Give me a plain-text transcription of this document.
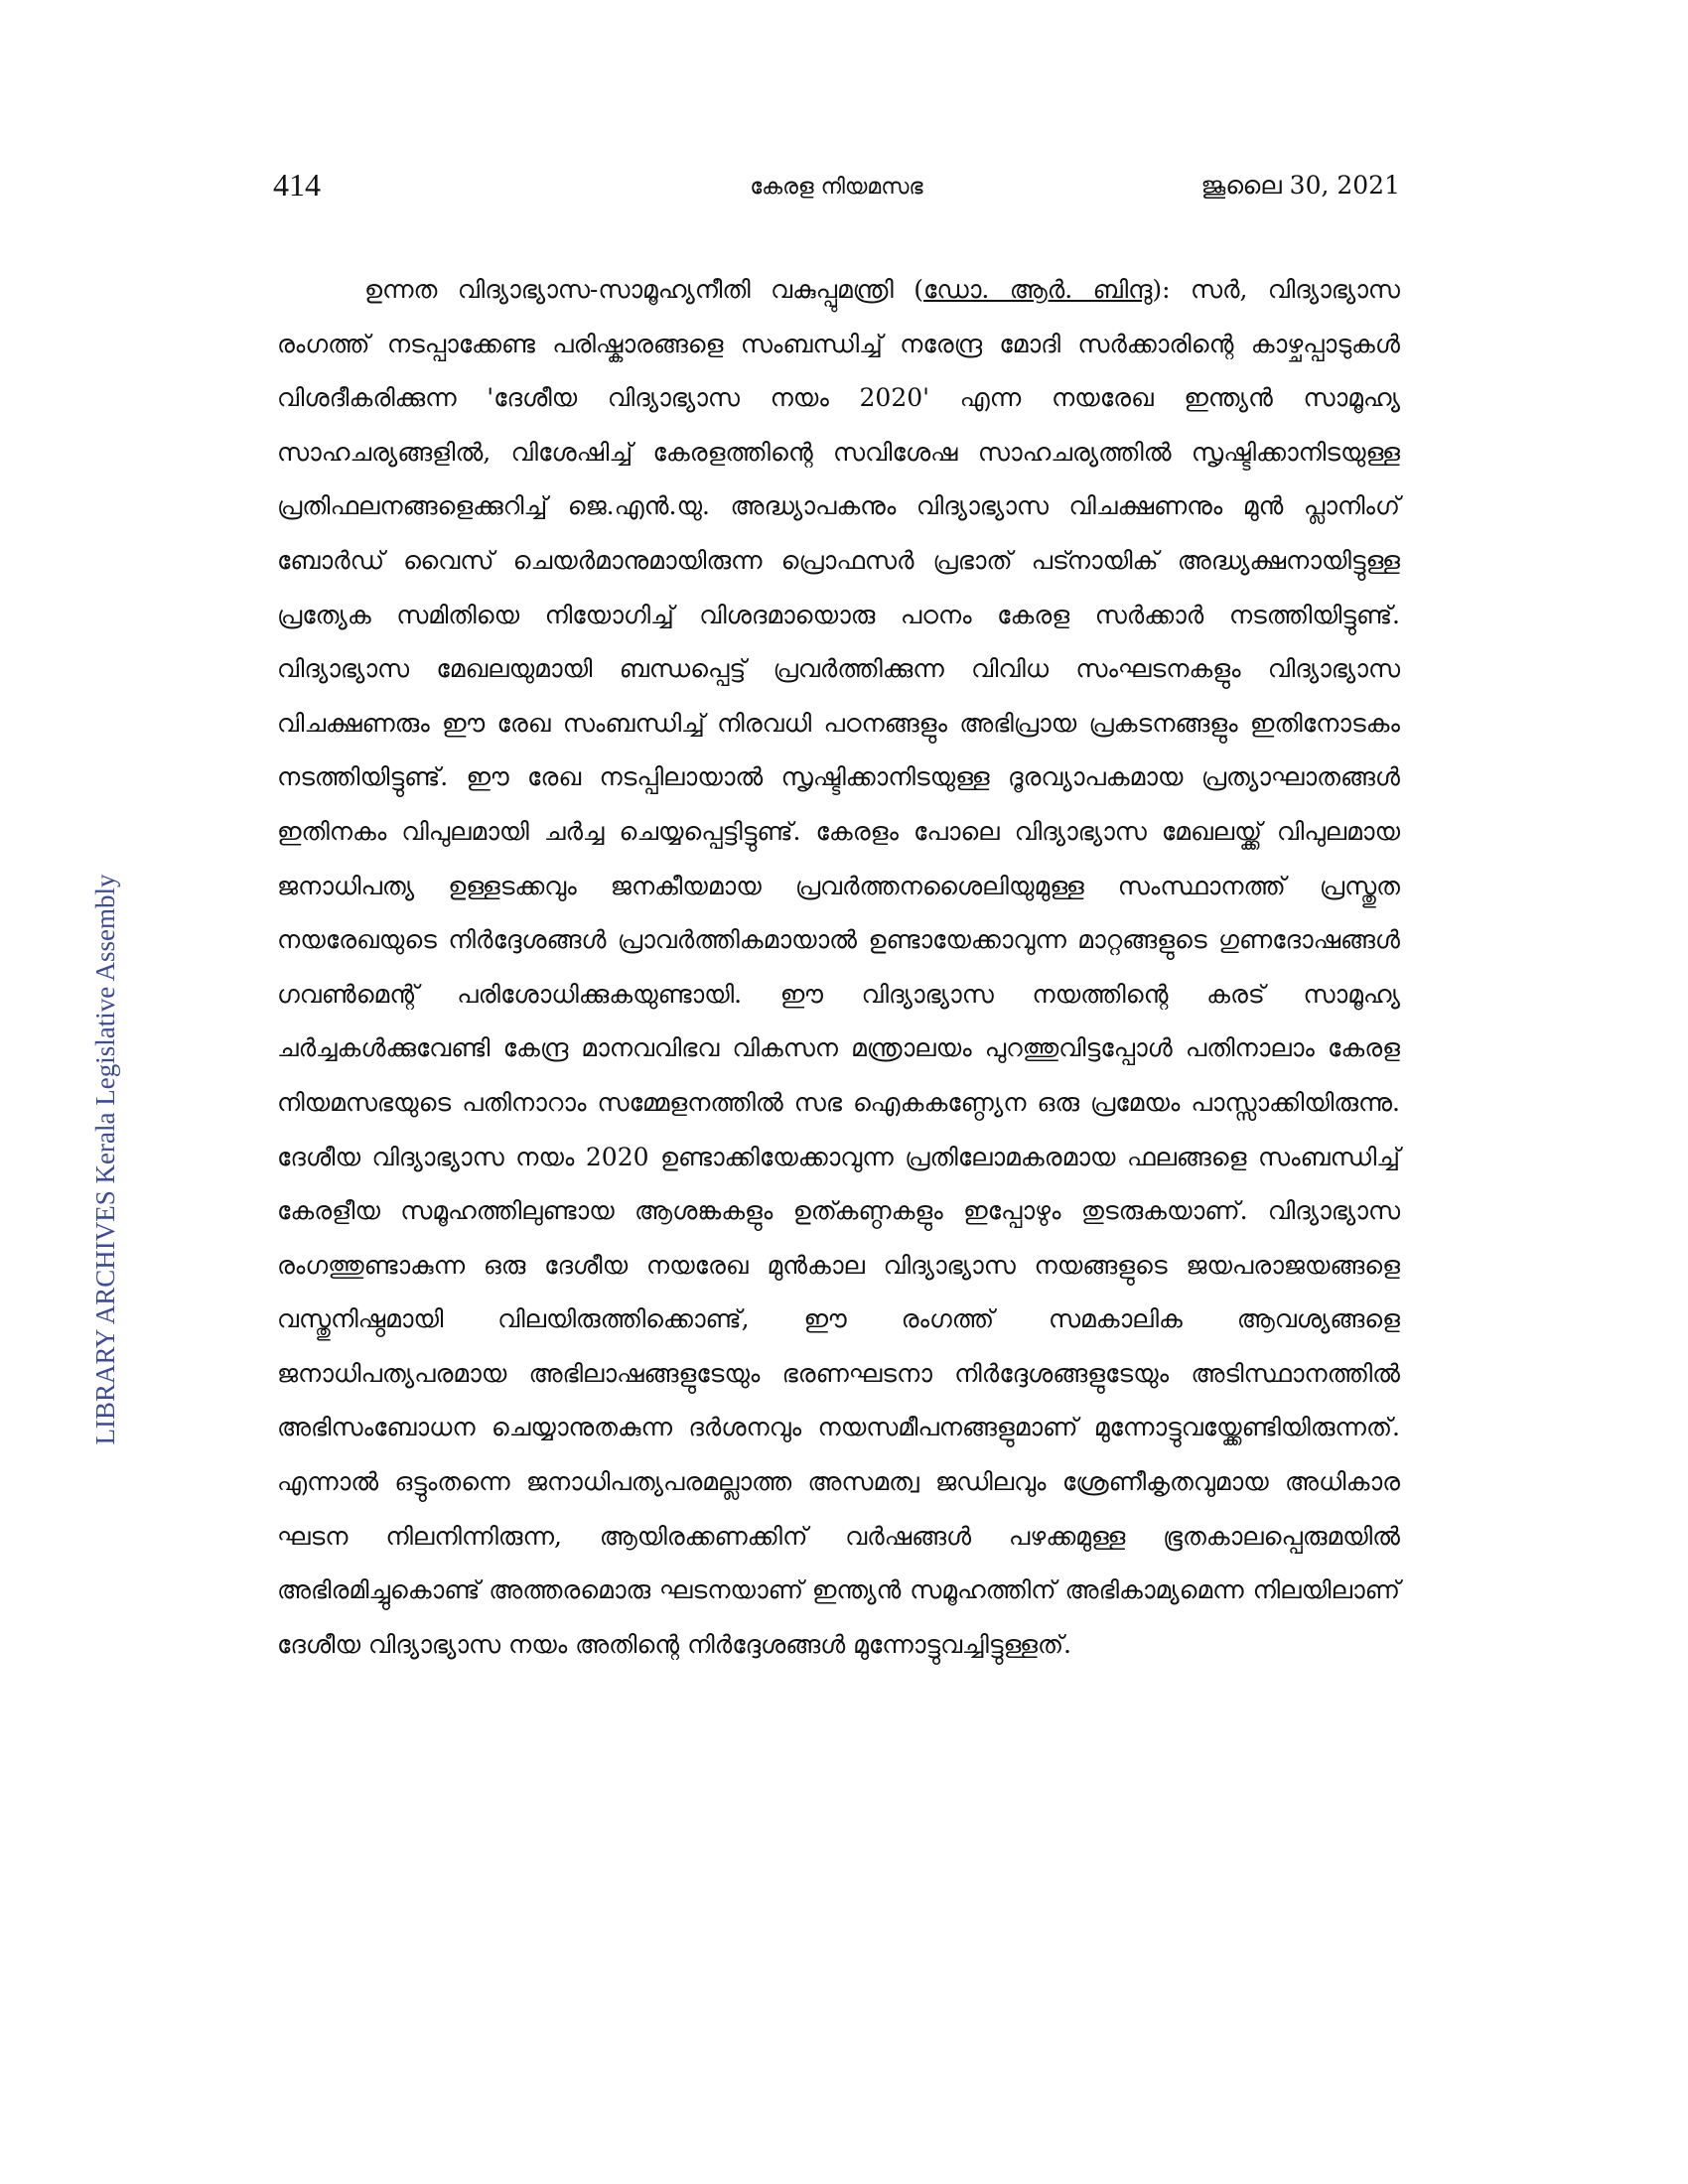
414	കേരള നിയമസഭ	ജൂലൈ 30, 2021

ഉന്നത വിദ്യാഭ്യാസ-സാമൂഹ്യനീതി വകുപ്പുമന്ത്രി (ഡോ. ആർ. ബിന്ദു): സർ, വിദ്യാഭ്യാസ രംഗത്ത് നടപ്പാക്കേണ്ട പരിഷ്കാരങ്ങളെ സംബന്ധിച്ച് നരേന്ദ്ര മോദി സർക്കാരിന്റെ കാഴ്ചപ്പാടുകൾ വിശദീകരിക്കുന്ന 'ദേശീയ വിദ്യാഭ്യാസ നയം 2020' എന്ന നയരേഖ ഇന്ത്യൻ സാമൂഹ്യ സാഹചര്യങ്ങളിൽ, വിശേഷിച്ച് കേരളത്തിന്റെ സവിശേഷ സാഹചര്യത്തിൽ സൃഷ്ടിക്കാനിടയുള്ള പ്രതിഫലനങ്ങളെക്കുറിച്ച് ജെ.എൻ.യു. അദ്ധ്യാപകനും വിദ്യാഭ്യാസ വിചക്ഷണനും മുൻ പ്ലാനിംഗ് ബോർഡ് വൈസ് ചെയർമാനുമായിരുന്ന പ്രൊഫസർ പ്രഭാത് പട്നായിക് അദ്ധ്യക്ഷനായിട്ടുള്ള പ്രത്യേക സമിതിയെ നിയോഗിച്ച് വിശദമായൊരു പഠനം കേരള സർക്കാർ നടത്തിയിട്ടുണ്ട്. വിദ്യാഭ്യാസ മേഖലയുമായി ബന്ധപ്പെട്ട് പ്രവർത്തിക്കുന്ന വിവിധ സംഘടനകളും വിദ്യാഭ്യാസ വിചക്ഷണരും ഈ രേഖ സംബന്ധിച്ച് നിരവധി പഠനങ്ങളും അഭിപ്രായ പ്രകടനങ്ങളും ഇതിനോടകം നടത്തിയിട്ടുണ്ട്. ഈ രേഖ നടപ്പിലായാൽ സൃഷ്ടിക്കാനിടയുള്ള ദൂരവ്യാപകമായ പ്രത്യാഘാതങ്ങൾ ഇതിനകം വിപുലമായി ചർച്ച ചെയ്യപ്പെട്ടിട്ടുണ്ട്. കേരളം പോലെ വിദ്യാഭ്യാസ മേഖലയ്ക്ക് വിപുലമായ ജനാധിപത്യ ഉള്ളടക്കവും ജനകീയമായ പ്രവർത്തനശൈലിയുമുള്ള സംസ്ഥാനത്ത് പ്രസ്തുത നയരേഖയുടെ നിർദ്ദേശങ്ങൾ പ്രാവർത്തികമായാൽ ഉണ്ടായേക്കാവുന്ന മാറ്റങ്ങളുടെ ഗുണദോഷങ്ങൾ ഗവൺമെന്റ് പരിശോധിക്കുകയുണ്ടായി. ഈ വിദ്യാഭ്യാസ നയത്തിന്റെ കരട് സാമൂഹ്യ ചർച്ചകൾക്കുവേണ്ടി കേന്ദ്ര മാനവവിഭവ വികസന മന്ത്രാലയം പുറത്തുവിട്ടപ്പോൾ പതിനാലാം കേരള നിയമസഭയുടെ പതിനാറാം സമ്മേളനത്തിൽ സഭ ഐകകണ്ഠ്യേന ഒരു പ്രമേയം പാസ്സാക്കിയിരുന്നു. ദേശീയ വിദ്യാഭ്യാസ നയം 2020 ഉണ്ടാക്കിയേക്കാവുന്ന പ്രതിലോമകരമായ ഫലങ്ങളെ സംബന്ധിച്ച് കേരളീയ സമൂഹത്തിലുണ്ടായ ആശങ്കകളും ഉത്കണ്ഠകളും ഇപ്പോഴും തുടരുകയാണ്. വിദ്യാഭ്യാസ രംഗത്തുണ്ടാകുന്ന ഒരു ദേശീയ നയരേഖ മുൻകാല വിദ്യാഭ്യാസ നയങ്ങളുടെ ജയപരാജയങ്ങളെ വസ്തുനിഷ്ഠമായി വിലയിരുത്തിക്കൊണ്ട്, ഈ രംഗത്ത് സമകാലിക ആവശ്യങ്ങളെ ജനാധിപത്യപരമായ അഭിലാഷങ്ങളുടേയും ഭരണഘടനാ നിർദ്ദേശങ്ങളുടേയും അടിസ്ഥാനത്തിൽ അഭിസംബോധന ചെയ്യാനുതകുന്ന ദർശനവും നയസമീപനങ്ങളുമാണ് മുന്നോട്ടുവയ്ക്കേണ്ടിയിരുന്നത്. എന്നാൽ ഒട്ടുംതന്നെ ജനാധിപത്യപരമല്ലാത്ത അസമത്വ ജഡിലവും ശ്രേണീകൃതവുമായ അധികാര ഘടന നിലനിന്നിരുന്ന, ആയിരക്കണക്കിന് വർഷങ്ങൾ പഴക്കമുള്ള ഭൂതകാലപ്പെരുമയിൽ അഭിരമിച്ചുകൊണ്ട് അത്തരമൊരു ഘടനയാണ് ഇന്ത്യൻ സമൂഹത്തിന് അഭികാമ്യമെന്ന നിലയിലാണ് ദേശീയ വിദ്യാഭ്യാസ നയം അതിന്റെ നിർദ്ദേശങ്ങൾ മുന്നോട്ടുവച്ചിട്ടുള്ളത്.

LIBRARY ARCHIVES Kerala Legislative Assembly
